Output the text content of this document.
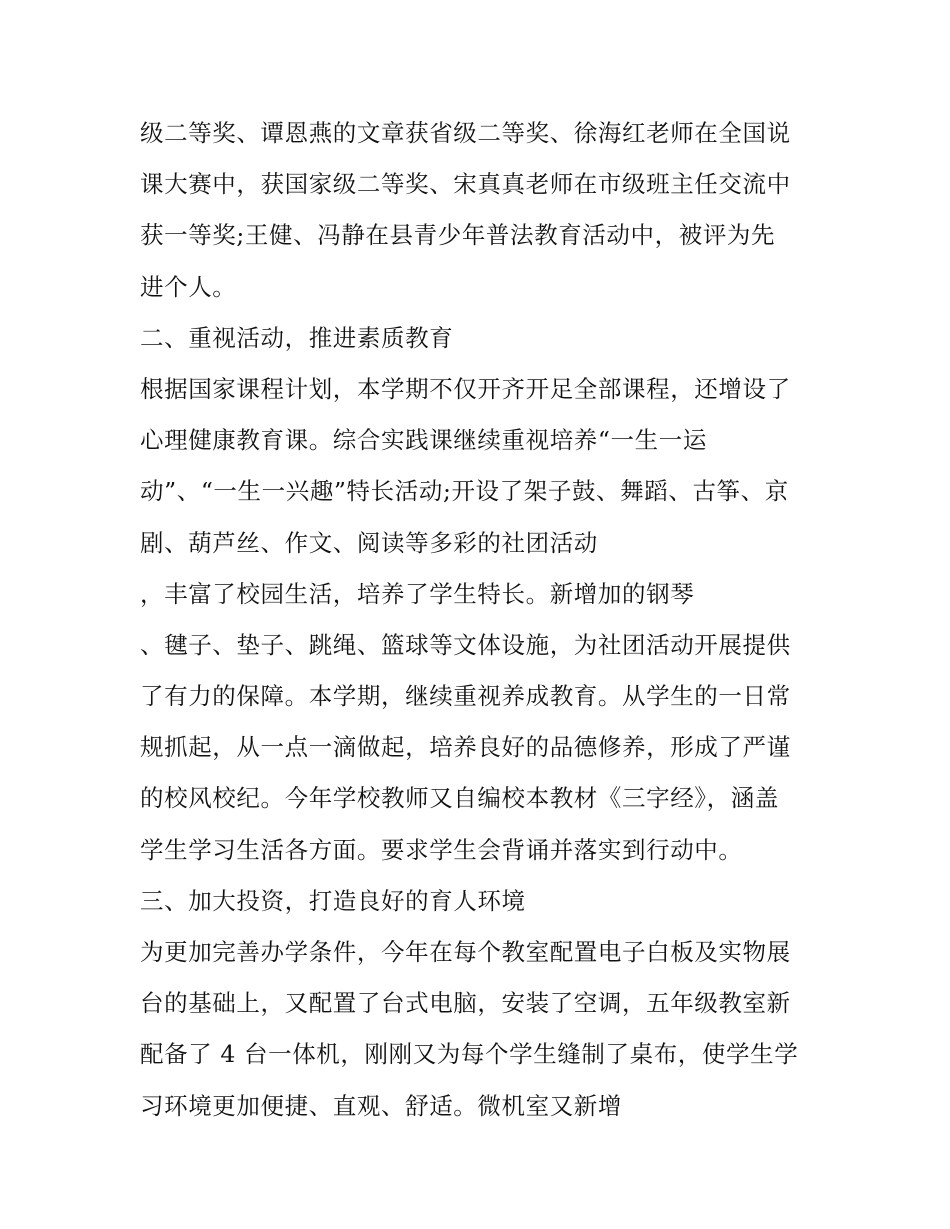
级二等奖、谭恩燕的文章获省级二等奖、徐海红老师在全国说
课大赛中，获国家级二等奖、宋真真老师在市级班主任交流中
获一等奖;王健、冯静在县青少年普法教育活动中，被评为先
进个人。
二、重视活动，推进素质教育
根据国家课程计划，本学期不仅开齐开足全部课程，还增设了
心理健康教育课。综合实践课继续重视培养“一生一运
动”、“一生一兴趣”特长活动;开设了架子鼓、舞蹈、古筝、京
剧、葫芦丝、作文、阅读等多彩的社团活动
，丰富了校园生活，培养了学生特长。新增加的钢琴
、毽子、垫子、跳绳、篮球等文体设施，为社团活动开展提供
了有力的保障。本学期，继续重视养成教育。从学生的一日常
规抓起，从一点一滴做起，培养良好的品德修养，形成了严谨
的校风校纪。今年学校教师又自编校本教材《三字经》，涵盖
学生学习生活各方面。要求学生会背诵并落实到行动中。
三、加大投资，打造良好的育人环境
为更加完善办学条件，今年在每个教室配置电子白板及实物展
台的基础上，又配置了台式电脑，安装了空调，五年级教室新
配备了 4 台一体机，刚刚又为每个学生缝制了桌布，使学生学
习环境更加便捷、直观、舒适。微机室又新增
